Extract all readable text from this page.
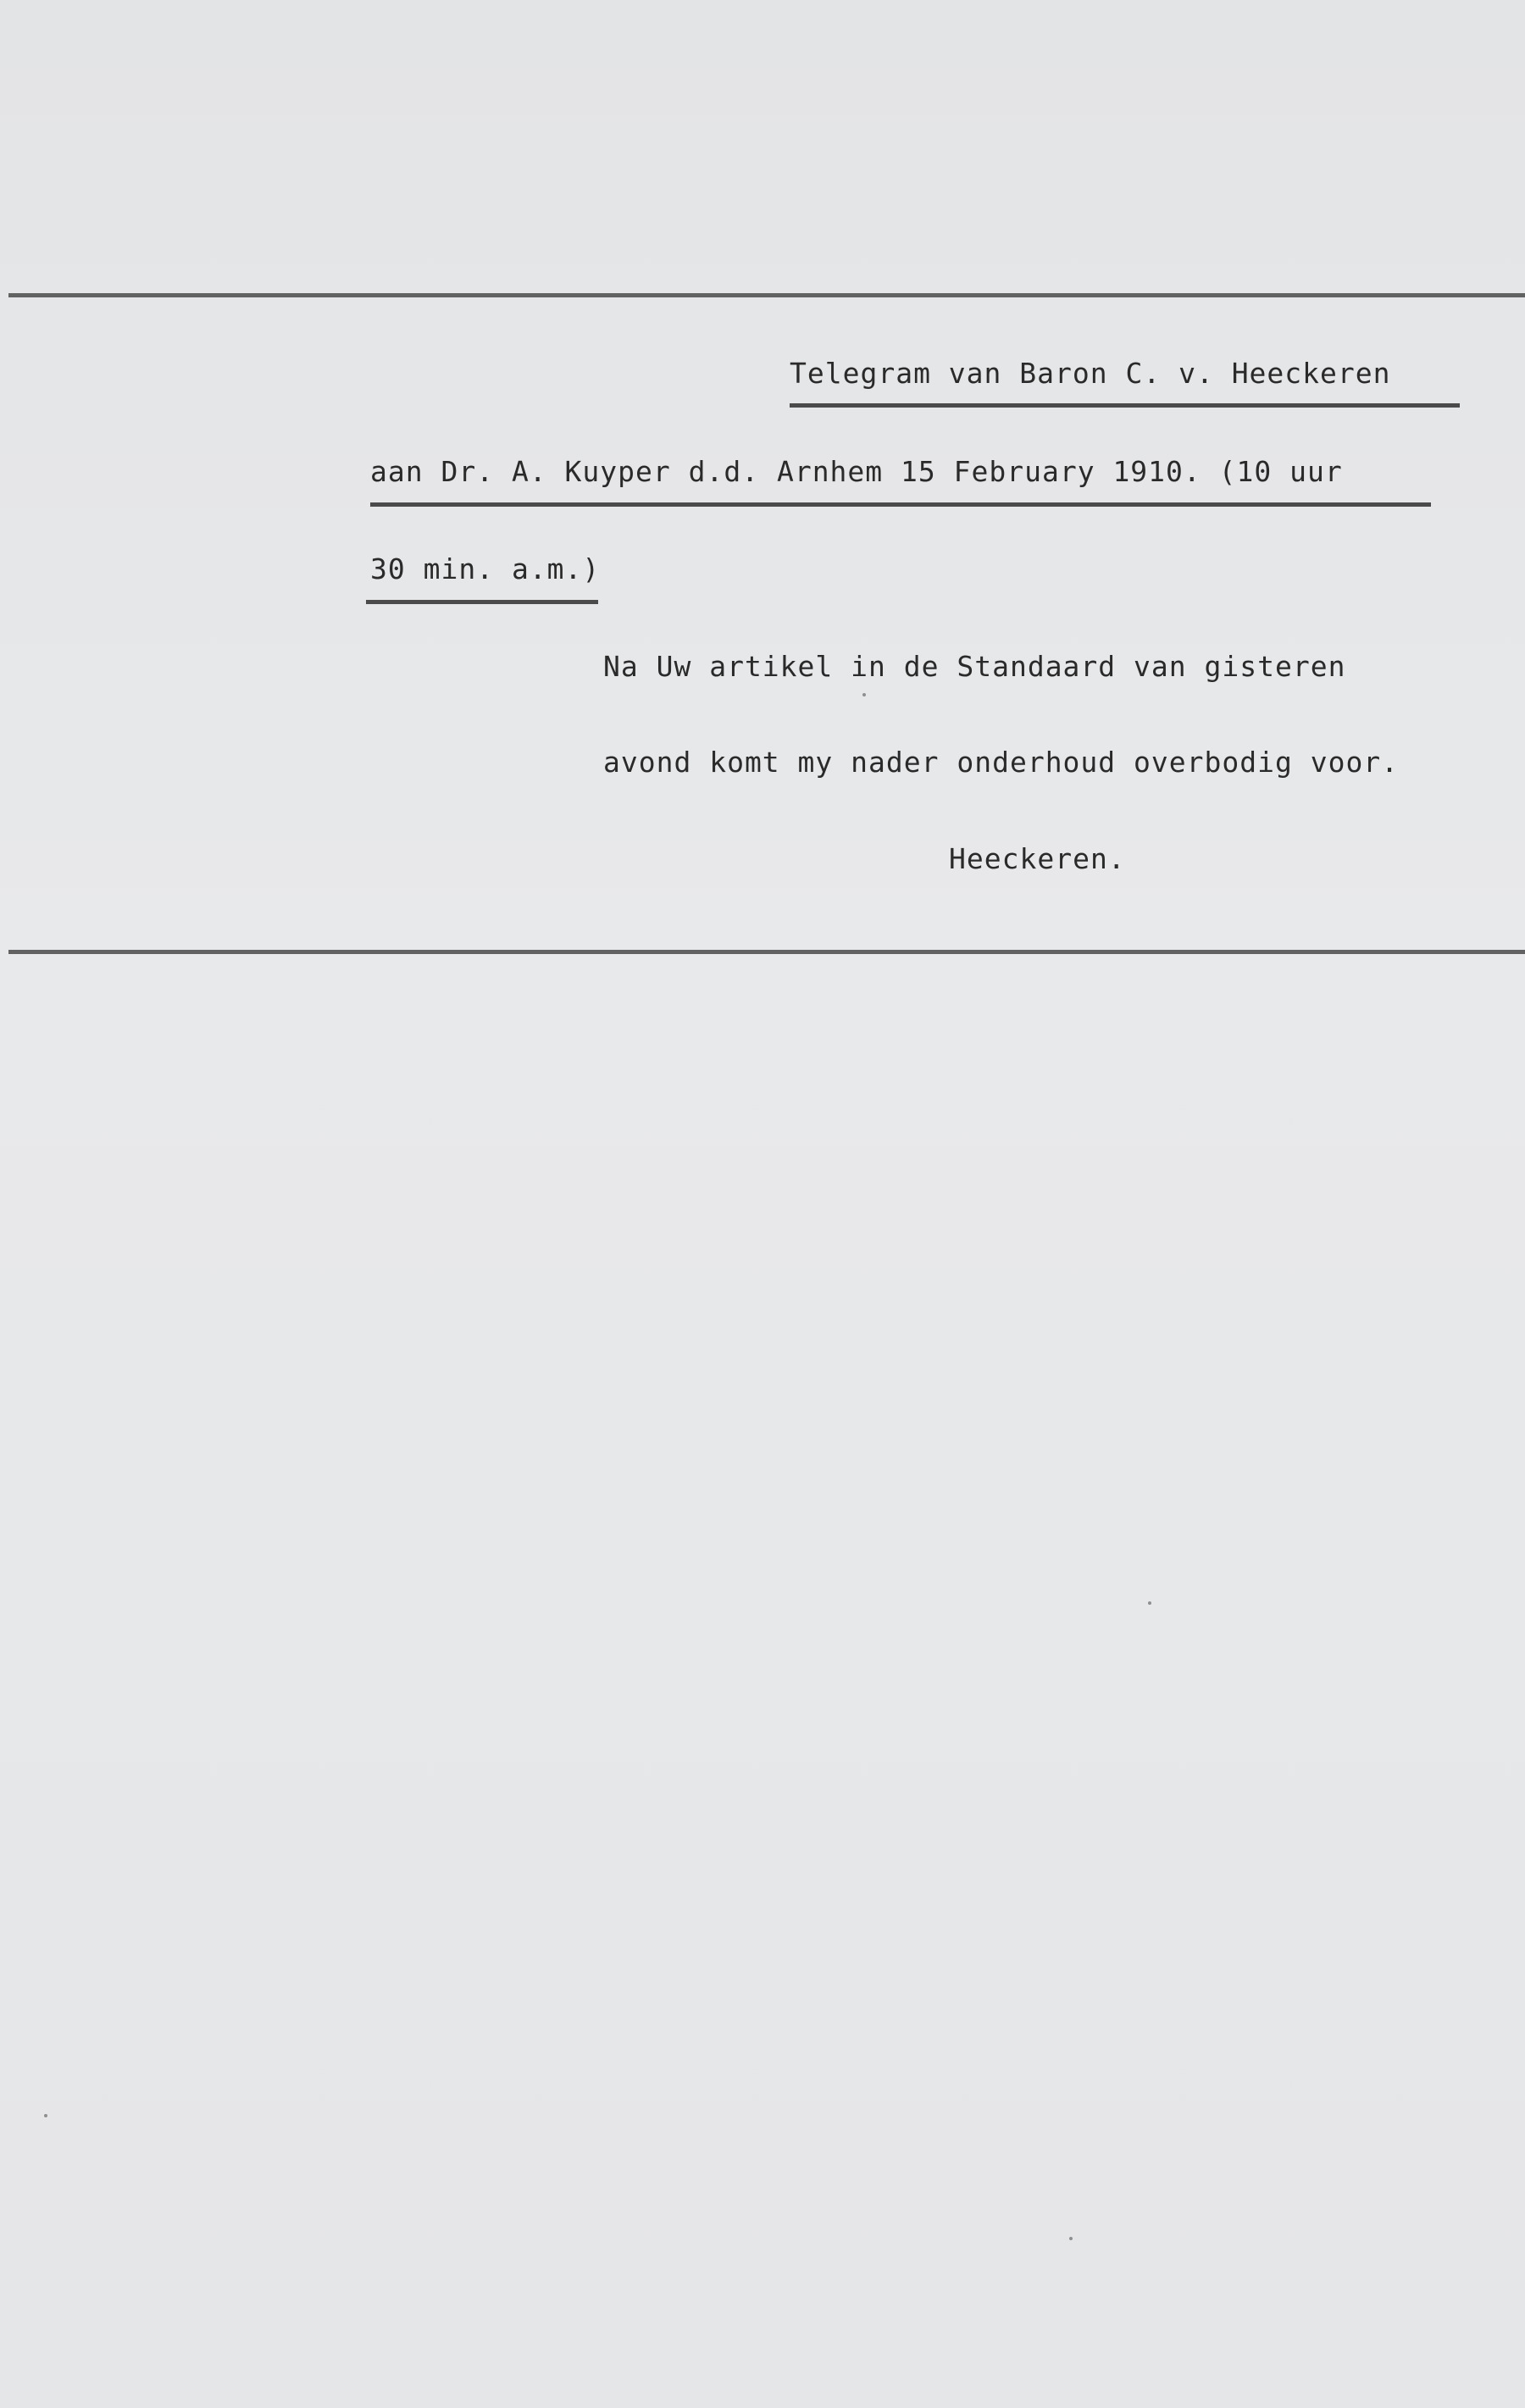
Telegram van Baron C. v. Heeckeren
aan Dr. A. Kuyper d.d. Arnhem 15 February 1910. (10 uur
30 min. a.m.)
Na Uw artikel in de Standaard van gisteren
avond komt my nader onderhoud overbodig voor.
Heeckeren.
